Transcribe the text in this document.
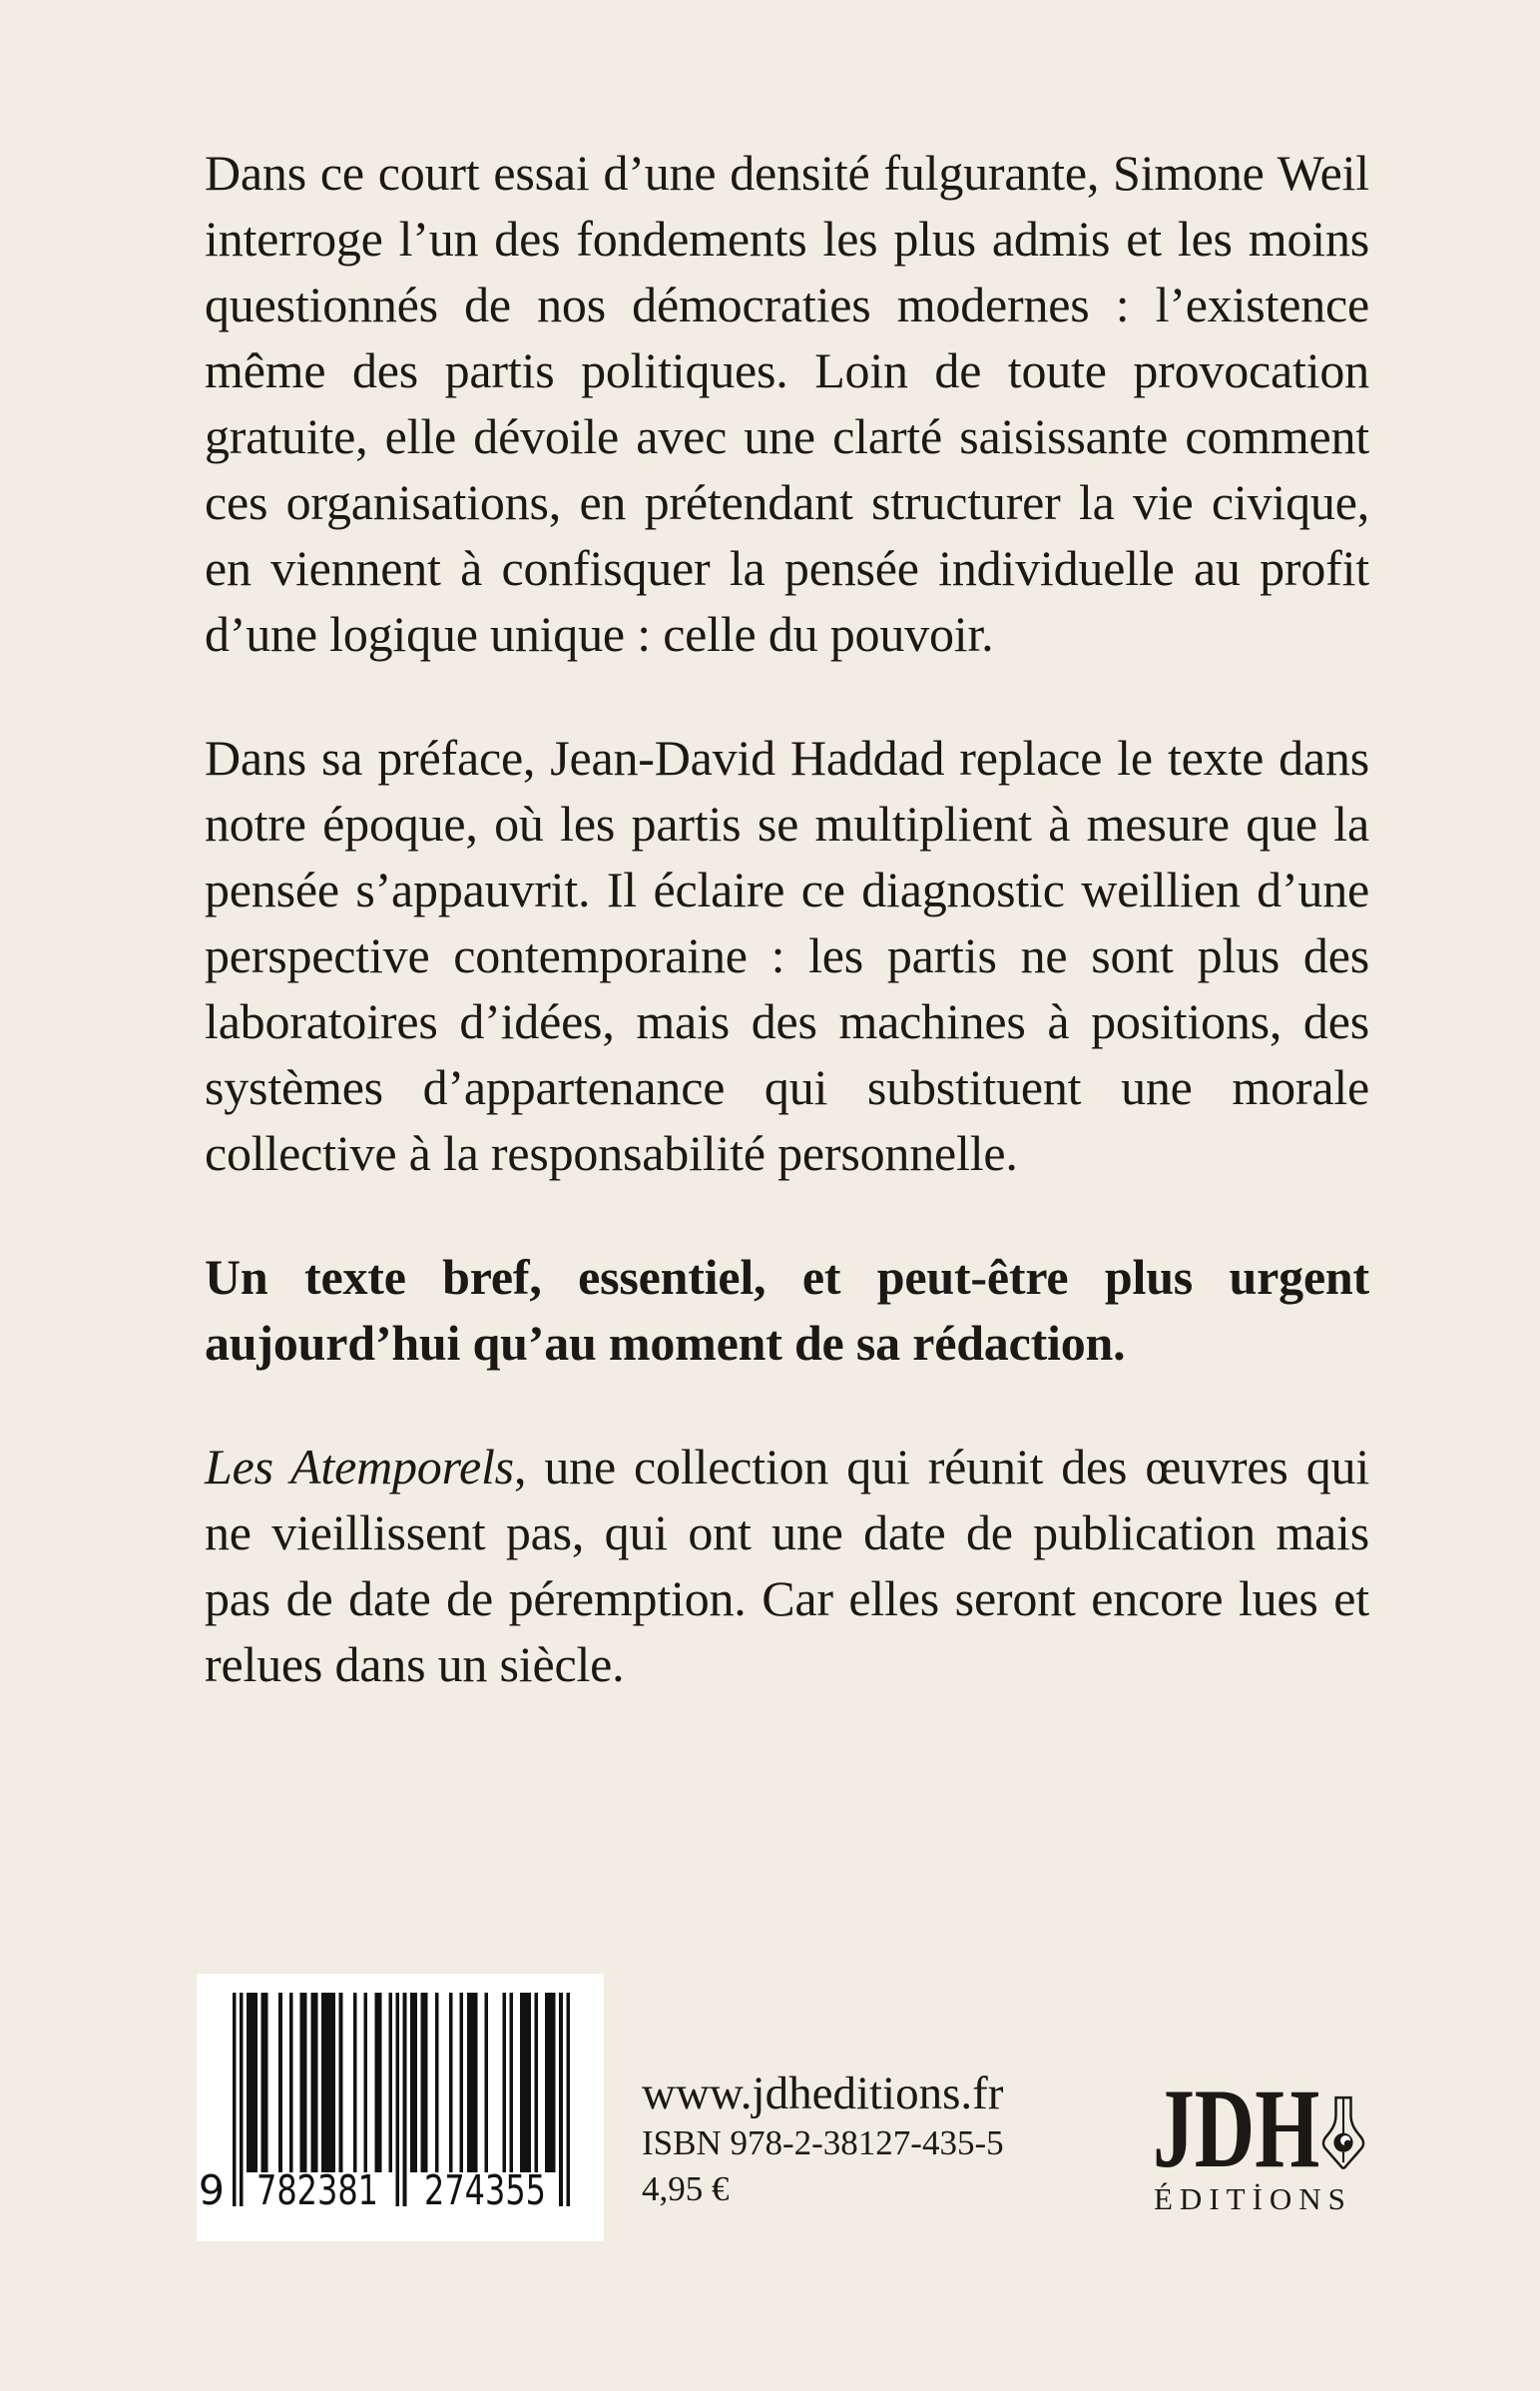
Dans ce court essai d’une densité fulgurante, Simone Weil interroge l’un des fondements les plus admis et les moins questionnés de nos démocraties modernes : l’existence même des partis politiques. Loin de toute provocation gratuite, elle dévoile avec une clarté saisissante comment ces organisations, en prétendant structurer la vie civique, en viennent à confisquer la pensée individuelle au profit d’une logique unique : celle du pouvoir.

Dans sa préface, Jean-David Haddad replace le texte dans notre époque, où les partis se multiplient à mesure que la pensée s’appauvrit. Il éclaire ce diagnostic weillien d’une perspective contemporaine : les partis ne sont plus des laboratoires d’idées, mais des machines à positions, des systèmes d’appartenance qui substituent une morale collective à la responsabilité personnelle.

Un texte bref, essentiel, et peut-être plus urgent aujourd’hui qu’au moment de sa rédaction.

Les Atemporels, une collection qui réunit des œuvres qui ne vieillissent pas, qui ont une date de publication mais pas de date de péremption. Car elles seront encore lues et relues dans un siècle.

9 782381 274355
www.jdheditions.fr
ISBN 978-2-38127-435-5
4,95 €	JDH
ÉDITİONS
